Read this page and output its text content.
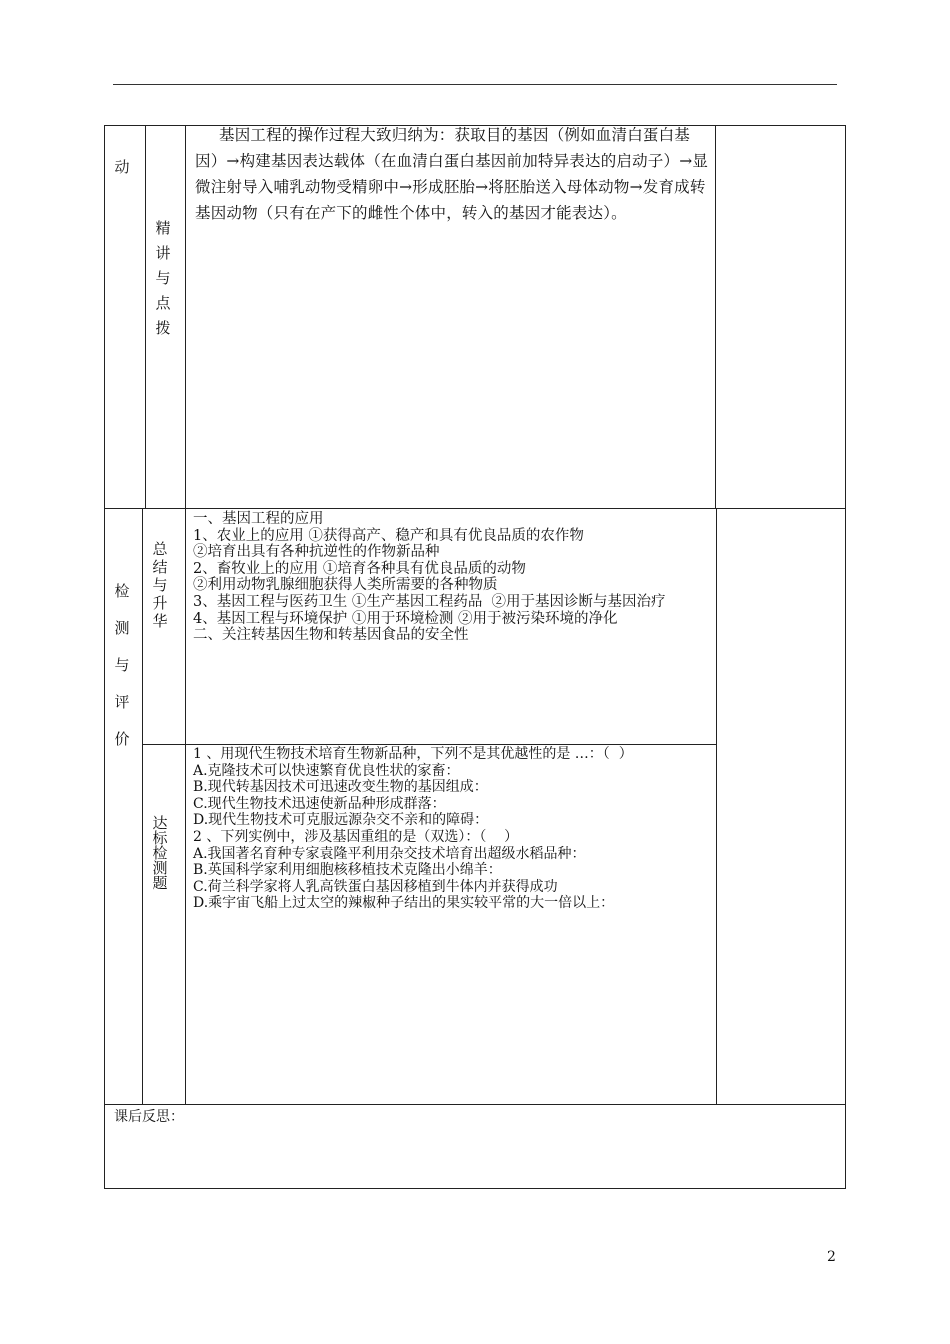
动
精讲与点拨
基因工程的操作过程大致归纳为：获取目的基因（例如血清白蛋白基因）→构建基因表达载体（在血清白蛋白基因前加特异表达的启动子）→显微注射导入哺乳动物受精卵中→形成胚胎→将胚胎送入母体动物→发育成转基因动物（只有在产下的雌性个体中，转入的基因才能表达）。
检测与评价
总结与升华

一、基因工程的应用

1、农业上的应用 ①获得高产、稳产和具有优良品质的农作物

②培育出具有各种抗逆性的作物新品种

2、畜牧业上的应用 ①培育各种具有优良品质的动物

②利用动物乳腺细胞获得人类所需要的各种物质

3、基因工程与医药卫生 ①生产基因工程药品  ②用于基因诊断与基因治疗

4、基因工程与环境保护 ①用于环境检测 ②用于被污染环境的净化

二、关注转基因生物和转基因食品的安全性

达标检测题

1 、用现代生物技术培育生物新品种，下列不是其优越性的是 …：（  ）

A.克隆技术可以快速繁育优良性状的家畜：

B.现代转基因技术可迅速改变生物的基因组成：

C.现代生物技术迅速使新品种形成群落：

D.现代生物技术可克服远源杂交不亲和的障碍：

2 、下列实例中，涉及基因重组的是（双选）：（    ）

A.我国著名育种专家袁隆平利用杂交技术培育出超级水稻品种：

B.英国科学家利用细胞核移植技术克隆出小绵羊：

C.荷兰科学家将人乳高铁蛋白基因移植到牛体内并获得成功

D.乘宇宙飞船上过太空的辣椒种子结出的果实较平常的大一倍以上：

课后反思：
2
